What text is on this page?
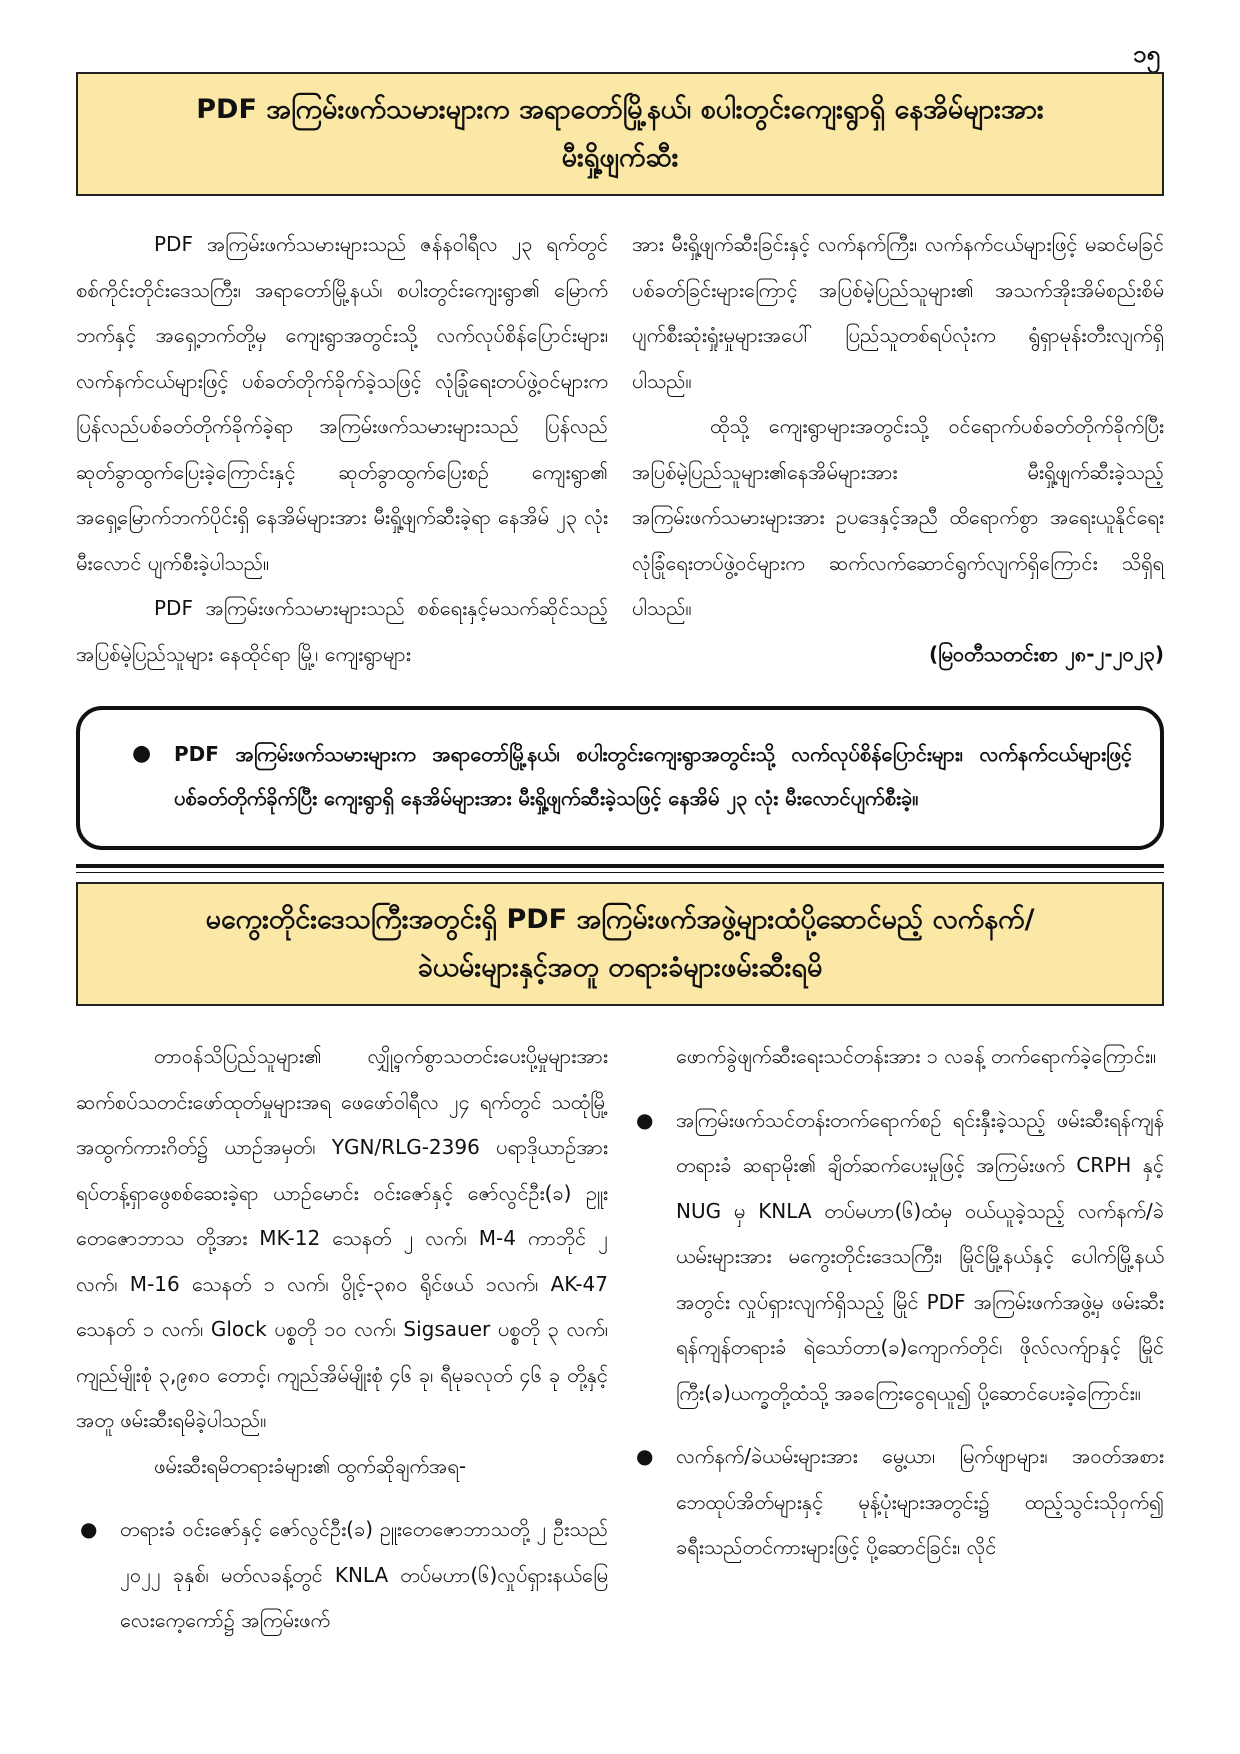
၁၅
PDF အကြမ်းဖက်သမားများက အရာတော်မြို့နယ်၊ စပါးတွင်းကျေးရွာရှိ နေအိမ်များအား
မီးရှို့ဖျက်ဆီး

PDF အကြမ်းဖက်သမားများသည် ဇန်နဝါရီလ ၂၃ ရက်တွင် စစ်ကိုင်းတိုင်းဒေသကြီး၊ အရာတော်မြို့နယ်၊ စပါးတွင်းကျေးရွာ၏ မြောက်ဘက်နှင့် အရှေ့ဘက်တို့မှ ကျေးရွာအတွင်းသို့ လက်လုပ်စိန်ပြောင်းများ၊ လက်နက်ငယ်များဖြင့် ပစ်ခတ်တိုက်ခိုက်ခဲ့သဖြင့် လုံခြုံရေးတပ်ဖွဲ့ဝင်များက ပြန်လည်ပစ်ခတ်တိုက်ခိုက်ခဲ့ရာ အကြမ်းဖက်သမားများသည် ပြန်လည်ဆုတ်ခွာထွက်ပြေးခဲ့ကြောင်းနှင့် ဆုတ်ခွာထွက်ပြေးစဉ် ကျေးရွာ၏ အရှေ့မြောက်ဘက်ပိုင်းရှိ နေအိမ်များအား မီးရှို့ဖျက်ဆီးခဲ့ရာ နေအိမ် ၂၃ လုံး မီးလောင် ပျက်စီးခဲ့ပါသည်။

PDF အကြမ်းဖက်သမားများသည် စစ်ရေးနှင့်မသက်ဆိုင်သည့် အပြစ်မဲ့ပြည်သူများ နေထိုင်ရာ မြို့၊ ကျေးရွာများ

အား မီးရှို့ဖျက်ဆီးခြင်းနှင့် လက်နက်ကြီး၊ လက်နက်ငယ်များဖြင့် မဆင်မခြင်ပစ်ခတ်ခြင်းများကြောင့် အပြစ်မဲ့ပြည်သူများ၏ အသက်အိုးအိမ်စည်းစိမ် ပျက်စီးဆုံးရှုံးမှုများအပေါ် ပြည်သူတစ်ရပ်လုံးက ရွံရှာမုန်းတီးလျက်ရှိပါသည်။

ထိုသို့ ကျေးရွာများအတွင်းသို့ ဝင်ရောက်ပစ်ခတ်တိုက်ခိုက်ပြီး အပြစ်မဲ့ပြည်သူများ၏နေအိမ်များအား မီးရှို့ဖျက်ဆီးခဲ့သည့် အကြမ်းဖက်သမားများအား ဥပဒေနှင့်အညီ ထိရောက်စွာ အရေးယူနိုင်ရေး လုံခြုံရေးတပ်ဖွဲ့ဝင်များက ဆက်လက်ဆောင်ရွက်လျက်ရှိကြောင်း သိရှိရပါသည်။

(မြဝတီသတင်းစာ ၂၈-၂-၂၀၂၃)

● PDF အကြမ်းဖက်သမားများက အရာတော်မြို့နယ်၊ စပါးတွင်းကျေးရွာအတွင်းသို့ လက်လုပ်စိန်ပြောင်းများ၊ လက်နက်ငယ်များဖြင့် ပစ်ခတ်တိုက်ခိုက်ပြီး ကျေးရွာရှိ နေအိမ်များအား မီးရှို့ဖျက်ဆီးခဲ့သဖြင့် နေအိမ် ၂၃ လုံး မီးလောင်ပျက်စီးခဲ့။
မကွေးတိုင်းဒေသကြီးအတွင်းရှိ PDF အကြမ်းဖက်အဖွဲ့များထံပို့ဆောင်မည့် လက်နက်/
ခဲယမ်းများနှင့်အတူ တရားခံများဖမ်းဆီးရမိ

တာဝန်သိပြည်သူများ၏ လျှို့ဝှက်စွာသတင်းပေးပို့မှုများအား ဆက်စပ်သတင်းဖော်ထုတ်မှုများအရ ဖေဖော်ဝါရီလ ၂၄ ရက်တွင် သထုံမြို့အထွက်ကားဂိတ်၌ ယာဉ်အမှတ်၊ YGN/RLG-2396 ပရာဒိုယာဉ်အား ရပ်တန့်ရှာဖွေစစ်ဆေးခဲ့ရာ ယာဉ်မောင်း ဝင်းဇော်နှင့် ဇော်လွင်ဦး(ခ) ဥူးတေဇောဘာသ တို့အား MK-12 သေနတ် ၂ လက်၊ M-4 ကာဘိုင် ၂ လက်၊ M-16 သေနတ် ၁ လက်၊ ပွိုင့်-၃၈၀ ရိုင်ဖယ် ၁လက်၊ AK-47 သေနတ် ၁ လက်၊ Glock ပစ္စတို ၁၀ လက်၊ Sigsauer ပစ္စတို ၃ လက်၊ ကျည်မျိုးစုံ ၃,၉၈၀ တောင့်၊ ကျည်အိမ်မျိုးစုံ ၄၆ ခု၊ ရီမုခလုတ် ၄၆ ခု တို့နှင့်အတူ ဖမ်းဆီးရမိခဲ့ပါသည်။

ဖမ်းဆီးရမိတရားခံများ၏ ထွက်ဆိုချက်အရ-

● တရားခံ ဝင်းဇော်နှင့် ဇော်လွင်ဦး(ခ) ဥူးတေဇောဘာသတို့ ၂ ဦးသည် ၂၀၂၂ ခုနှစ်၊ မတ်လခန့်တွင် KNLA တပ်မဟာ(၆)လှုပ်ရှားနယ်မြေ လေးကေ့ကော်၌ အကြမ်းဖက်

ဖောက်ခွဲဖျက်ဆီးရေးသင်တန်းအား ၁ လခန့် တက်ရောက်ခဲ့ကြောင်း။

● အကြမ်းဖက်သင်တန်းတက်ရောက်စဉ် ရင်းနှီးခဲ့သည့် ဖမ်းဆီးရန်ကျန် တရားခံ ဆရာမိုး၏ ချိတ်ဆက်ပေးမှုဖြင့် အကြမ်းဖက် CRPH နှင့် NUG မှ KNLA တပ်မဟာ(၆)ထံမှ ဝယ်ယူခဲ့သည့် လက်နက်/ခဲယမ်းများအား မကွေးတိုင်းဒေသကြီး၊ မြိုင်မြို့နယ်နှင့် ပေါက်မြို့နယ်အတွင်း လှုပ်ရှားလျက်ရှိသည့် မြိုင် PDF အကြမ်းဖက်အဖွဲ့မှ ဖမ်းဆီးရန်ကျန်တရားခံ ရဲသော်တာ(ခ)ကျောက်တိုင်၊ ဖိုလ်လက်ျာနှင့် မြိုင်ကြီး(ခ)ယက္ခတို့ထံသို့ အခကြေးငွေရယူ၍ ပို့ဆောင်ပေးခဲ့ကြောင်း။
● လက်နက်/ခဲယမ်းများအား မွေ့ယာ၊ မြက်ဖျာများ၊ အဝတ်အစားဘေထုပ်အိတ်များနှင့် မုန့်ပုံးများအတွင်း၌ ထည့်သွင်းသိုဝှက်၍ ခရီးသည်တင်ကားများဖြင့် ပို့ဆောင်ခြင်း၊ လိုင်
